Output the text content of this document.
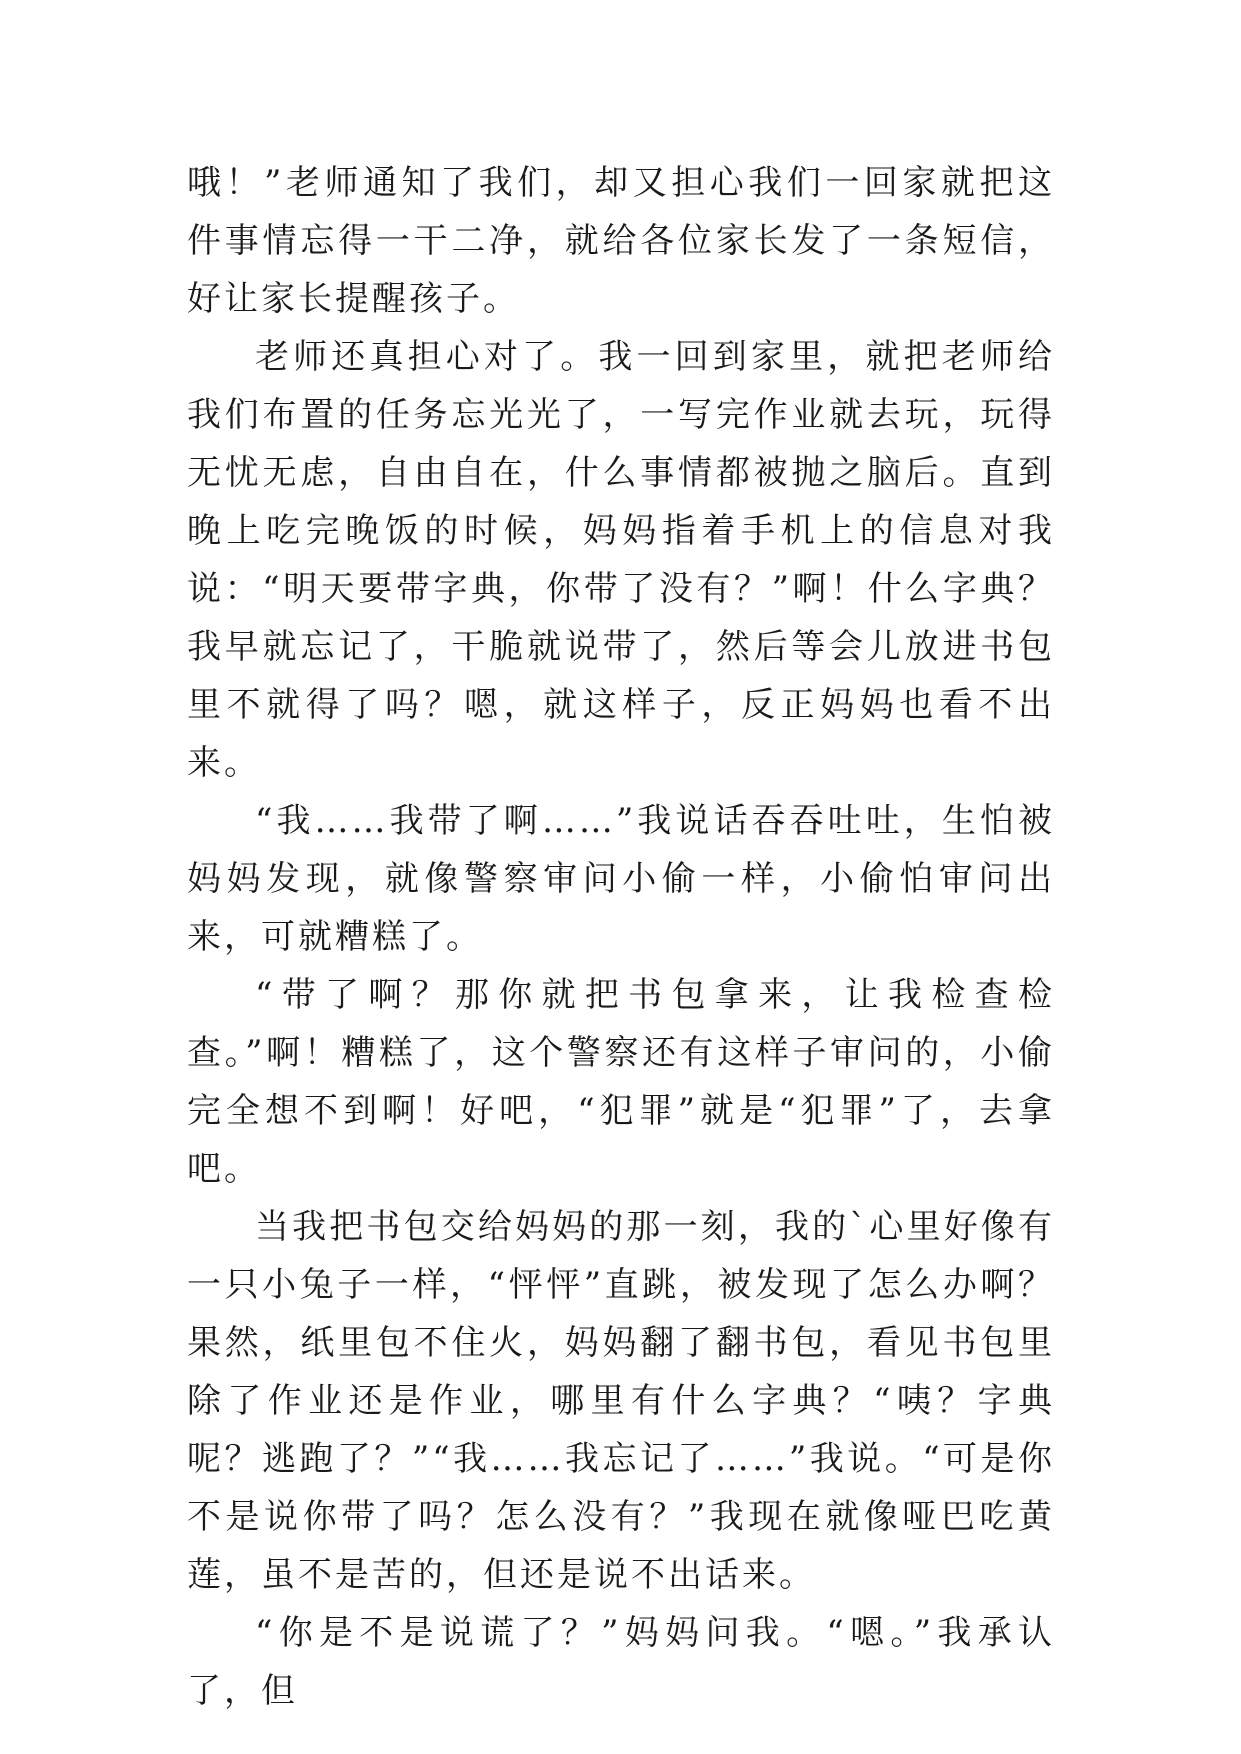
哦！”老师通知了我们，却又担心我们一回家就把这件事情忘得一干二净，就给各位家长发了一条短信，好让家长提醒孩子。

老师还真担心对了。我一回到家里，就把老师给我们布置的任务忘光光了，一写完作业就去玩，玩得无忧无虑，自由自在，什么事情都被抛之脑后。直到晚上吃完晚饭的时候，妈妈指着手机上的信息对我说：“明天要带字典，你带了没有？”啊！什么字典？我早就忘记了，干脆就说带了，然后等会儿放进书包里不就得了吗？嗯，就这样子，反正妈妈也看不出来。

“我……我带了啊……”我说话吞吞吐吐，生怕被妈妈发现，就像警察审问小偷一样，小偷怕审问出来，可就糟糕了。

“带了啊？那你就把书包拿来，让我检查检查。”啊！糟糕了，这个警察还有这样子审问的，小偷完全想不到啊！好吧，“犯罪”就是“犯罪”了，去拿吧。

当我把书包交给妈妈的那一刻，我的`心里好像有一只小兔子一样，“怦怦”直跳，被发现了怎么办啊？果然，纸里包不住火，妈妈翻了翻书包，看见书包里除了作业还是作业，哪里有什么字典？“咦？字典呢？逃跑了？”“我……我忘记了……”我说。“可是你不是说你带了吗？怎么没有？”我现在就像哑巴吃黄莲，虽不是苦的，但还是说不出话来。

“你是不是说谎了？”妈妈问我。“嗯。”我承认了，但
